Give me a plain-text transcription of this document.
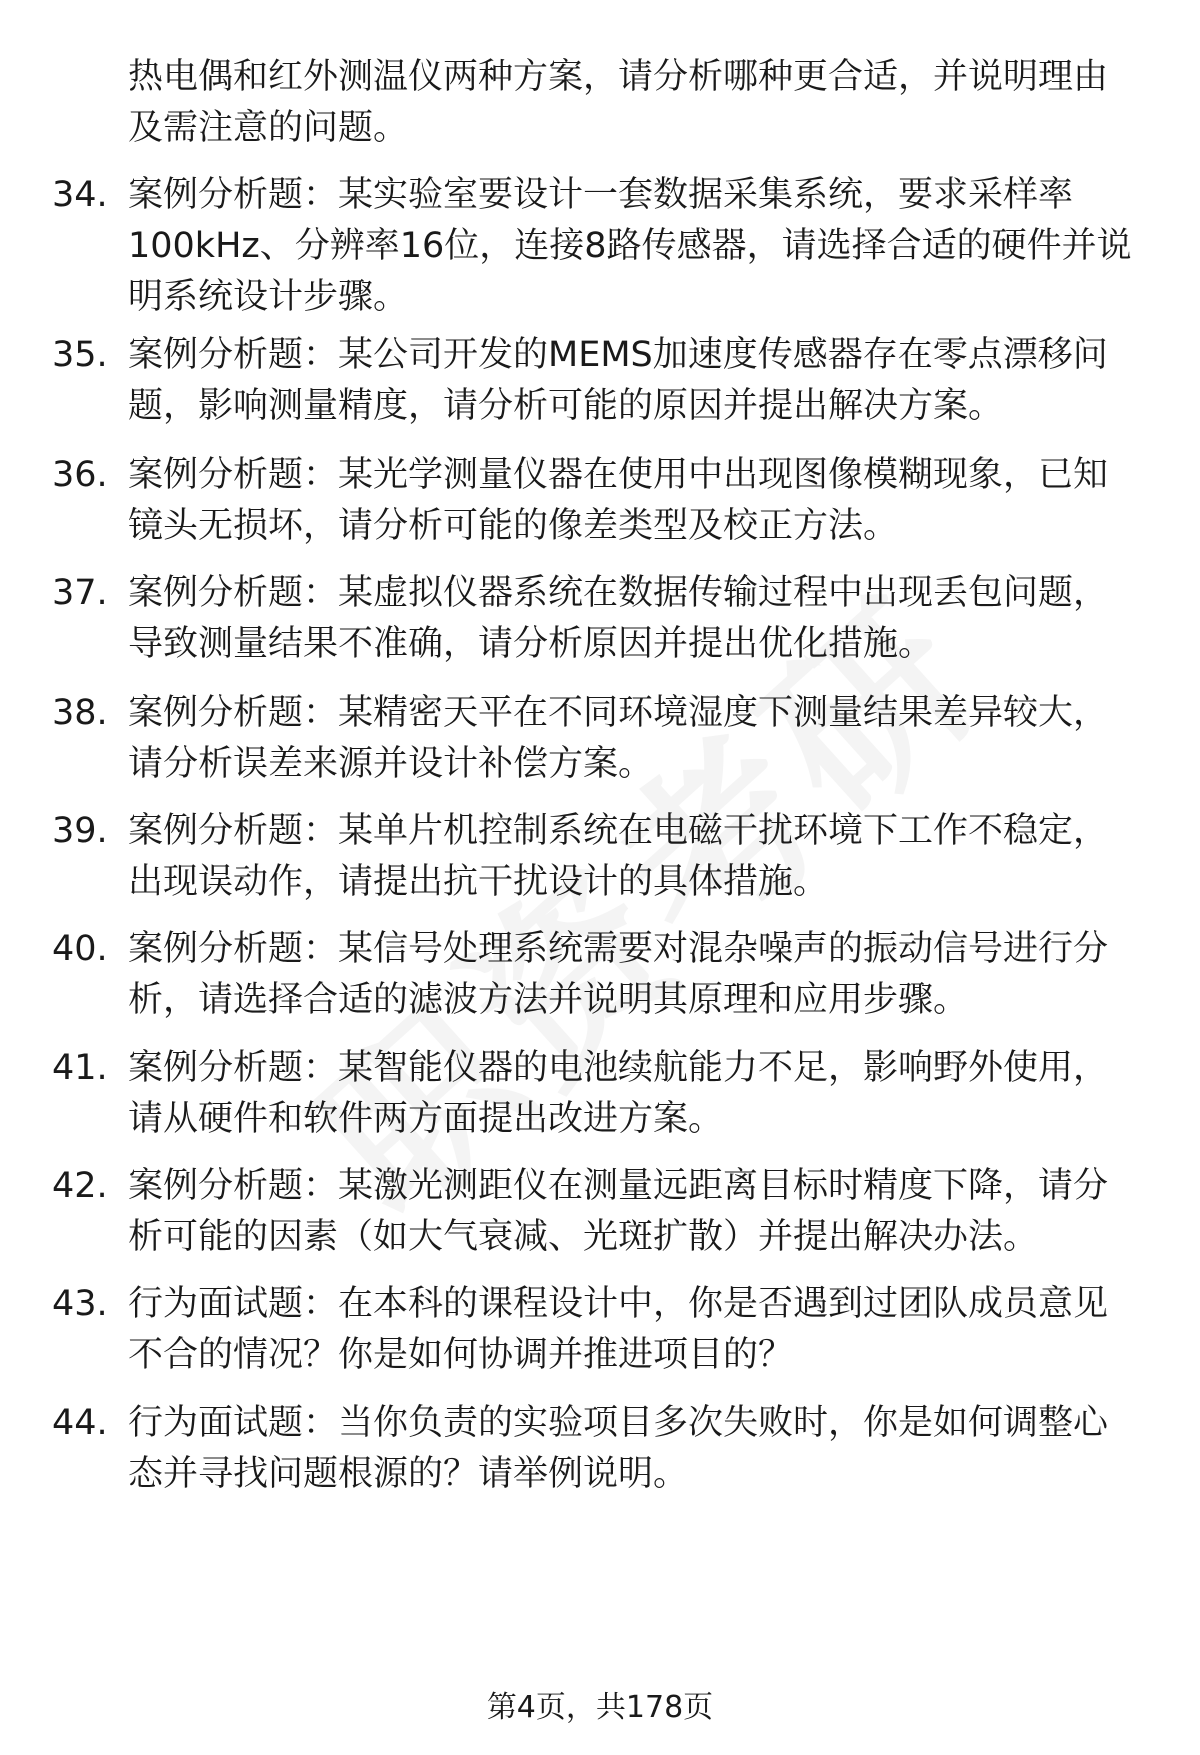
热电偶和红外测温仪两种方案，请分析哪种更合适，并说明理由
及需注意的问题。
34. 案例分析题：某实验室要设计一套数据采集系统，要求采样率
100kHz、分辨率16位，连接8路传感器，请选择合适的硬件并说
明系统设计步骤。
35. 案例分析题：某公司开发的MEMS加速度传感器存在零点漂移问
题，影响测量精度，请分析可能的原因并提出解决方案。
36. 案例分析题：某光学测量仪器在使用中出现图像模糊现象，已知
镜头无损坏，请分析可能的像差类型及校正方法。
37. 案例分析题：某虚拟仪器系统在数据传输过程中出现丢包问题，
导致测量结果不准确，请分析原因并提出优化措施。
38. 案例分析题：某精密天平在不同环境湿度下测量结果差异较大，
请分析误差来源并设计补偿方案。
39. 案例分析题：某单片机控制系统在电磁干扰环境下工作不稳定，
出现误动作，请提出抗干扰设计的具体措施。
40. 案例分析题：某信号处理系统需要对混杂噪声的振动信号进行分
析，请选择合适的滤波方法并说明其原理和应用步骤。
41. 案例分析题：某智能仪器的电池续航能力不足，影响野外使用，
请从硬件和软件两方面提出改进方案。
42. 案例分析题：某激光测距仪在测量远距离目标时精度下降，请分
析可能的因素（如大气衰减、光斑扩散）并提出解决办法。
43. 行为面试题：在本科的课程设计中，你是否遇到过团队成员意见
不合的情况？你是如何协调并推进项目的？
44. 行为面试题：当你负责的实验项目多次失败时，你是如何调整心
态并寻找问题根源的？请举例说明。
第4页，共178页
